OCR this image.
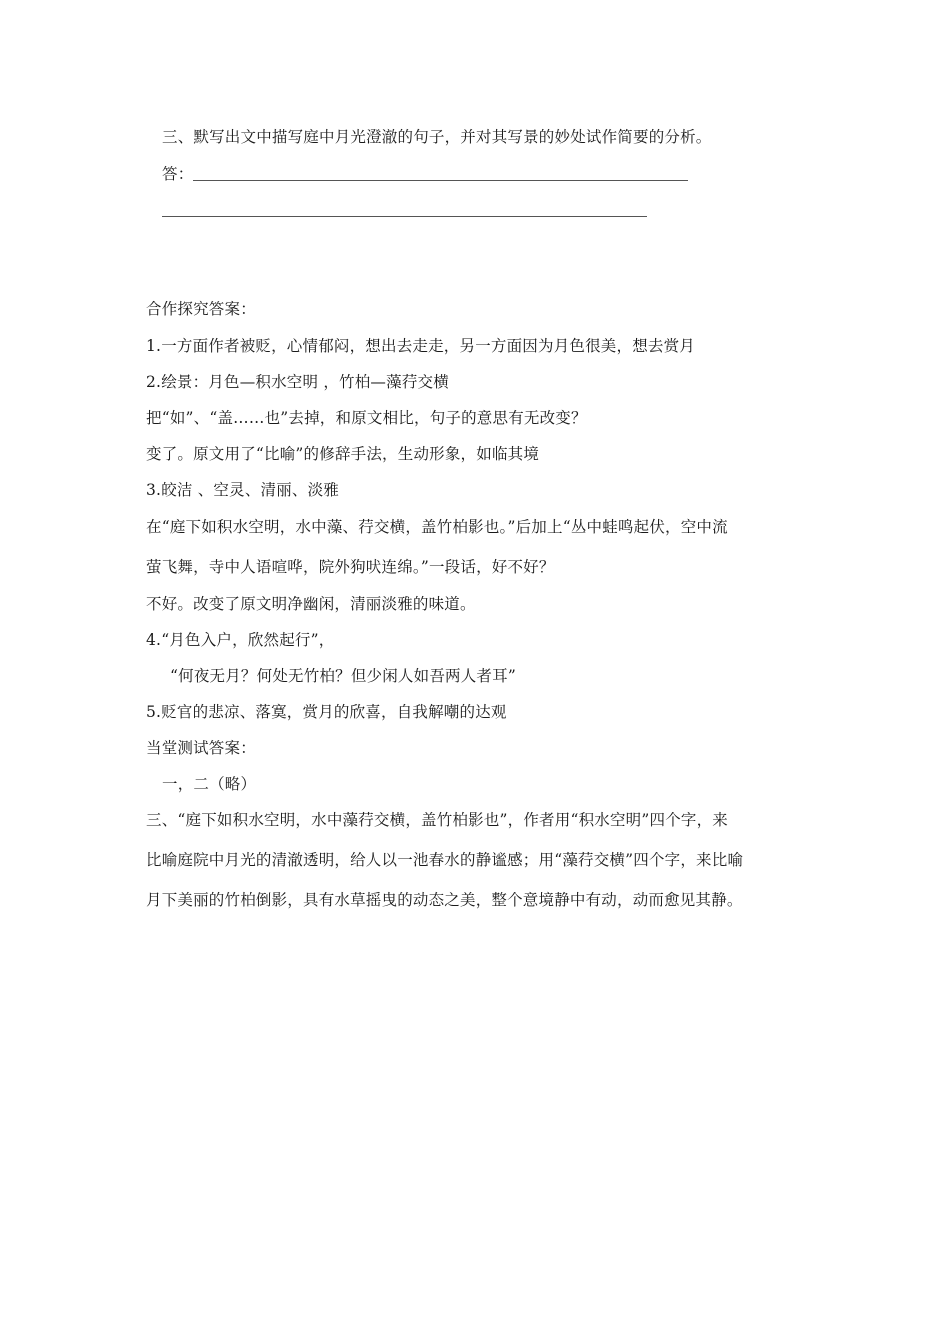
三、默写出文中描写庭中月光澄澈的句子，并对其写景的妙处试作简要的分析。
答：
合作探究答案：
1.一方面作者被贬，心情郁闷，想出去走走，另一方面因为月色很美，想去赏月
2.绘景：月色—积水空明 ，竹柏—藻荇交横
把“如”、“盖……也”去掉，和原文相比，句子的意思有无改变？
变了。原文用了“比喻”的修辞手法，生动形象，如临其境
3.皎洁 、空灵、清丽、淡雅
在“庭下如积水空明，水中藻、荇交横，盖竹柏影也。”后加上“丛中蛙鸣起伏，空中流
萤飞舞，寺中人语喧哗，院外狗吠连绵。”一段话，好不好？
不好。改变了原文明净幽闲，清丽淡雅的味道。
4.“月色入户，欣然起行”，
“何夜无月？何处无竹柏？但少闲人如吾两人者耳”
5.贬官的悲凉、落寞，赏月的欣喜，自我解嘲的达观
当堂测试答案：
一，二（略）
三、“庭下如积水空明，水中藻荇交横，盖竹柏影也”，作者用“积水空明”四个字，来
比喻庭院中月光的清澈透明，给人以一池春水的静谧感；用“藻荇交横”四个字，来比喻
月下美丽的竹柏倒影，具有水草摇曳的动态之美，整个意境静中有动，动而愈见其静。
